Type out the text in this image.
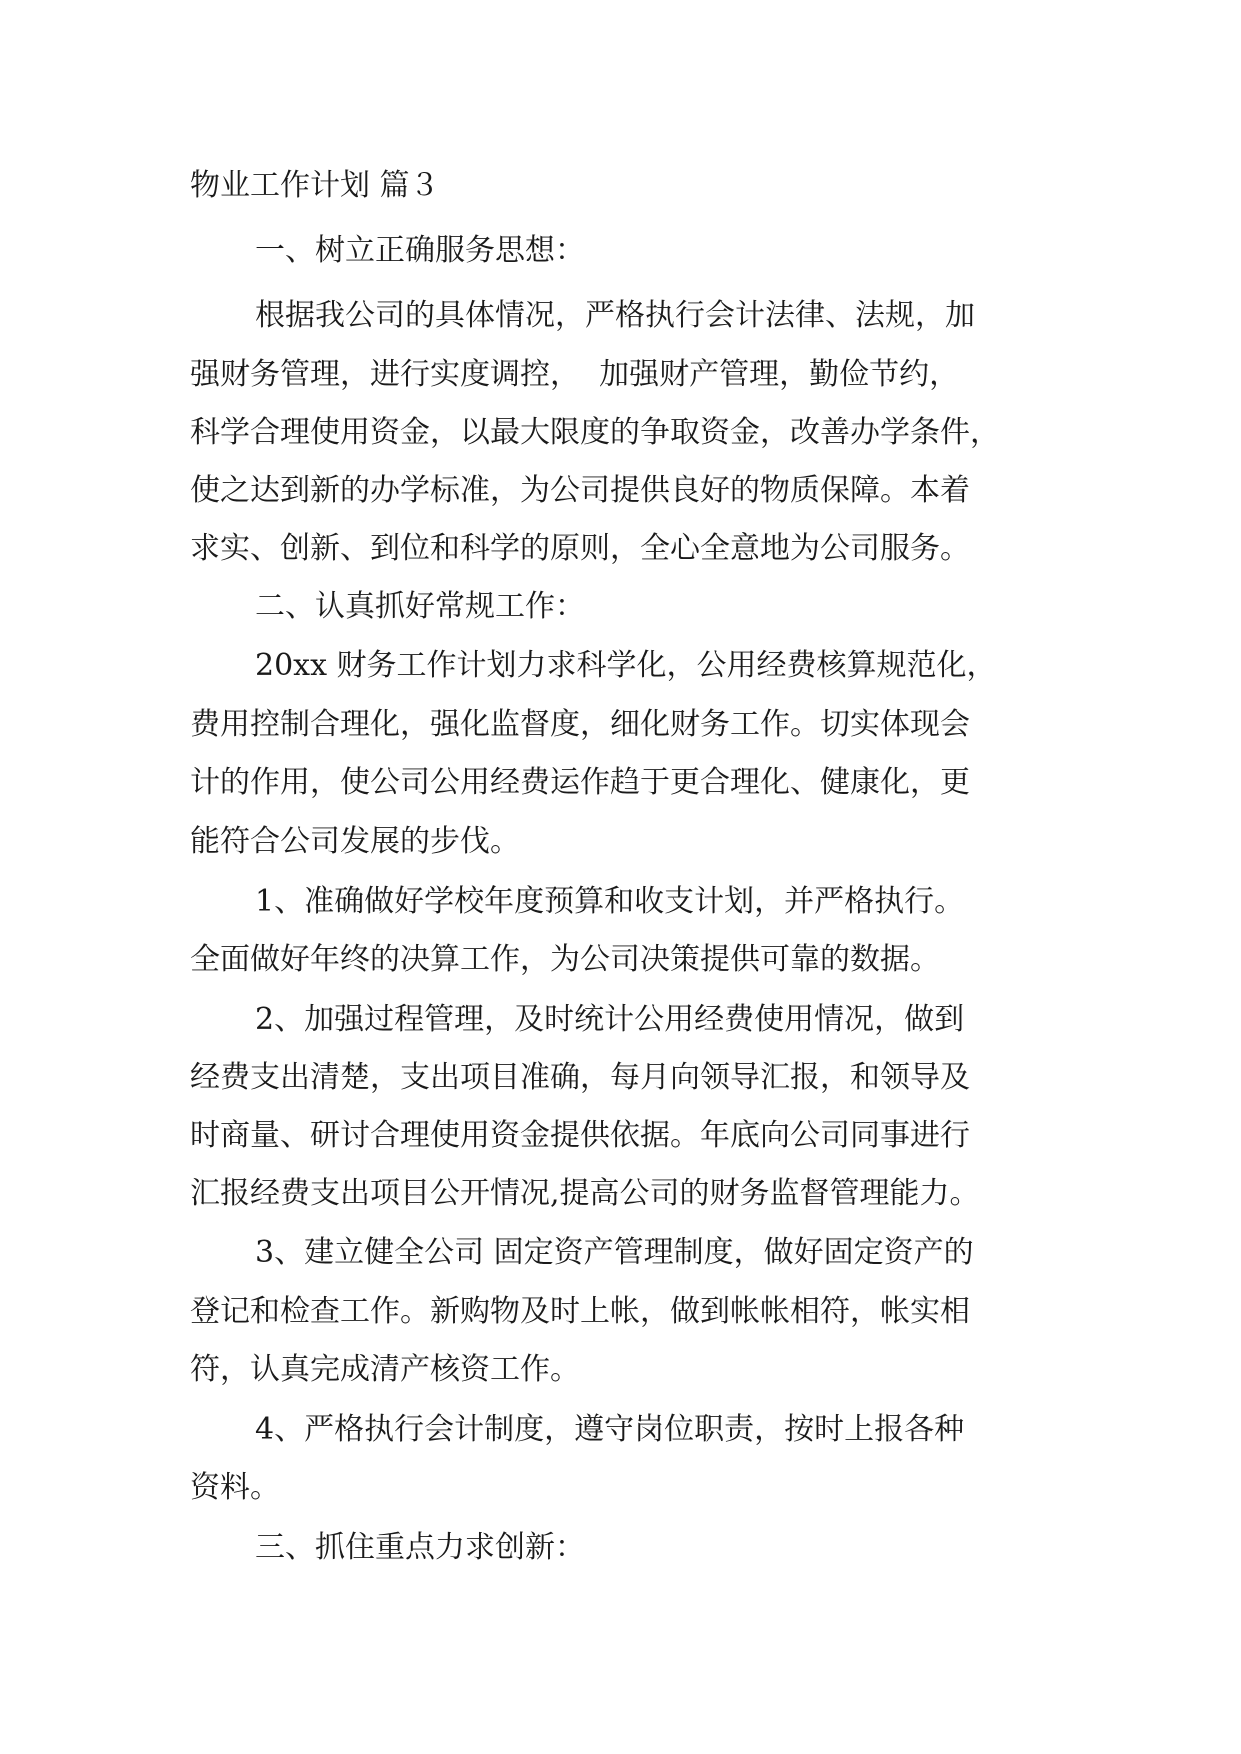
物业工作计划 篇３

一、树立正确服务思想：

根据我公司的具体情况，严格执行会计法律、法规，加

强财务管理，进行实度调控，  加强财产管理，勤俭节约，

科学合理使用资金，以最大限度的争取资金，改善办学条件，

使之达到新的办学标准，为公司提供良好的物质保障。本着

求实、创新、到位和科学的原则，全心全意地为公司服务。

二、认真抓好常规工作：

20xx 财务工作计划力求科学化，公用经费核算规范化，

费用控制合理化，强化监督度，细化财务工作。切实体现会

计的作用，使公司公用经费运作趋于更合理化、健康化，更

能符合公司发展的步伐。

1、准确做好学校年度预算和收支计划，并严格执行。

全面做好年终的决算工作，为公司决策提供可靠的数据。

2、加强过程管理，及时统计公用经费使用情况，做到

经费支出清楚，支出项目准确，每月向领导汇报，和领导及

时商量、研讨合理使用资金提供依据。年底向公司同事进行

汇报经费支出项目公开情况,提高公司的财务监督管理能力。

3、建立健全公司 固定资产管理制度，做好固定资产的

登记和检查工作。新购物及时上帐，做到帐帐相符，帐实相

符，认真完成清产核资工作。

4、严格执行会计制度，遵守岗位职责，按时上报各种

资料。

三、抓住重点力求创新：
